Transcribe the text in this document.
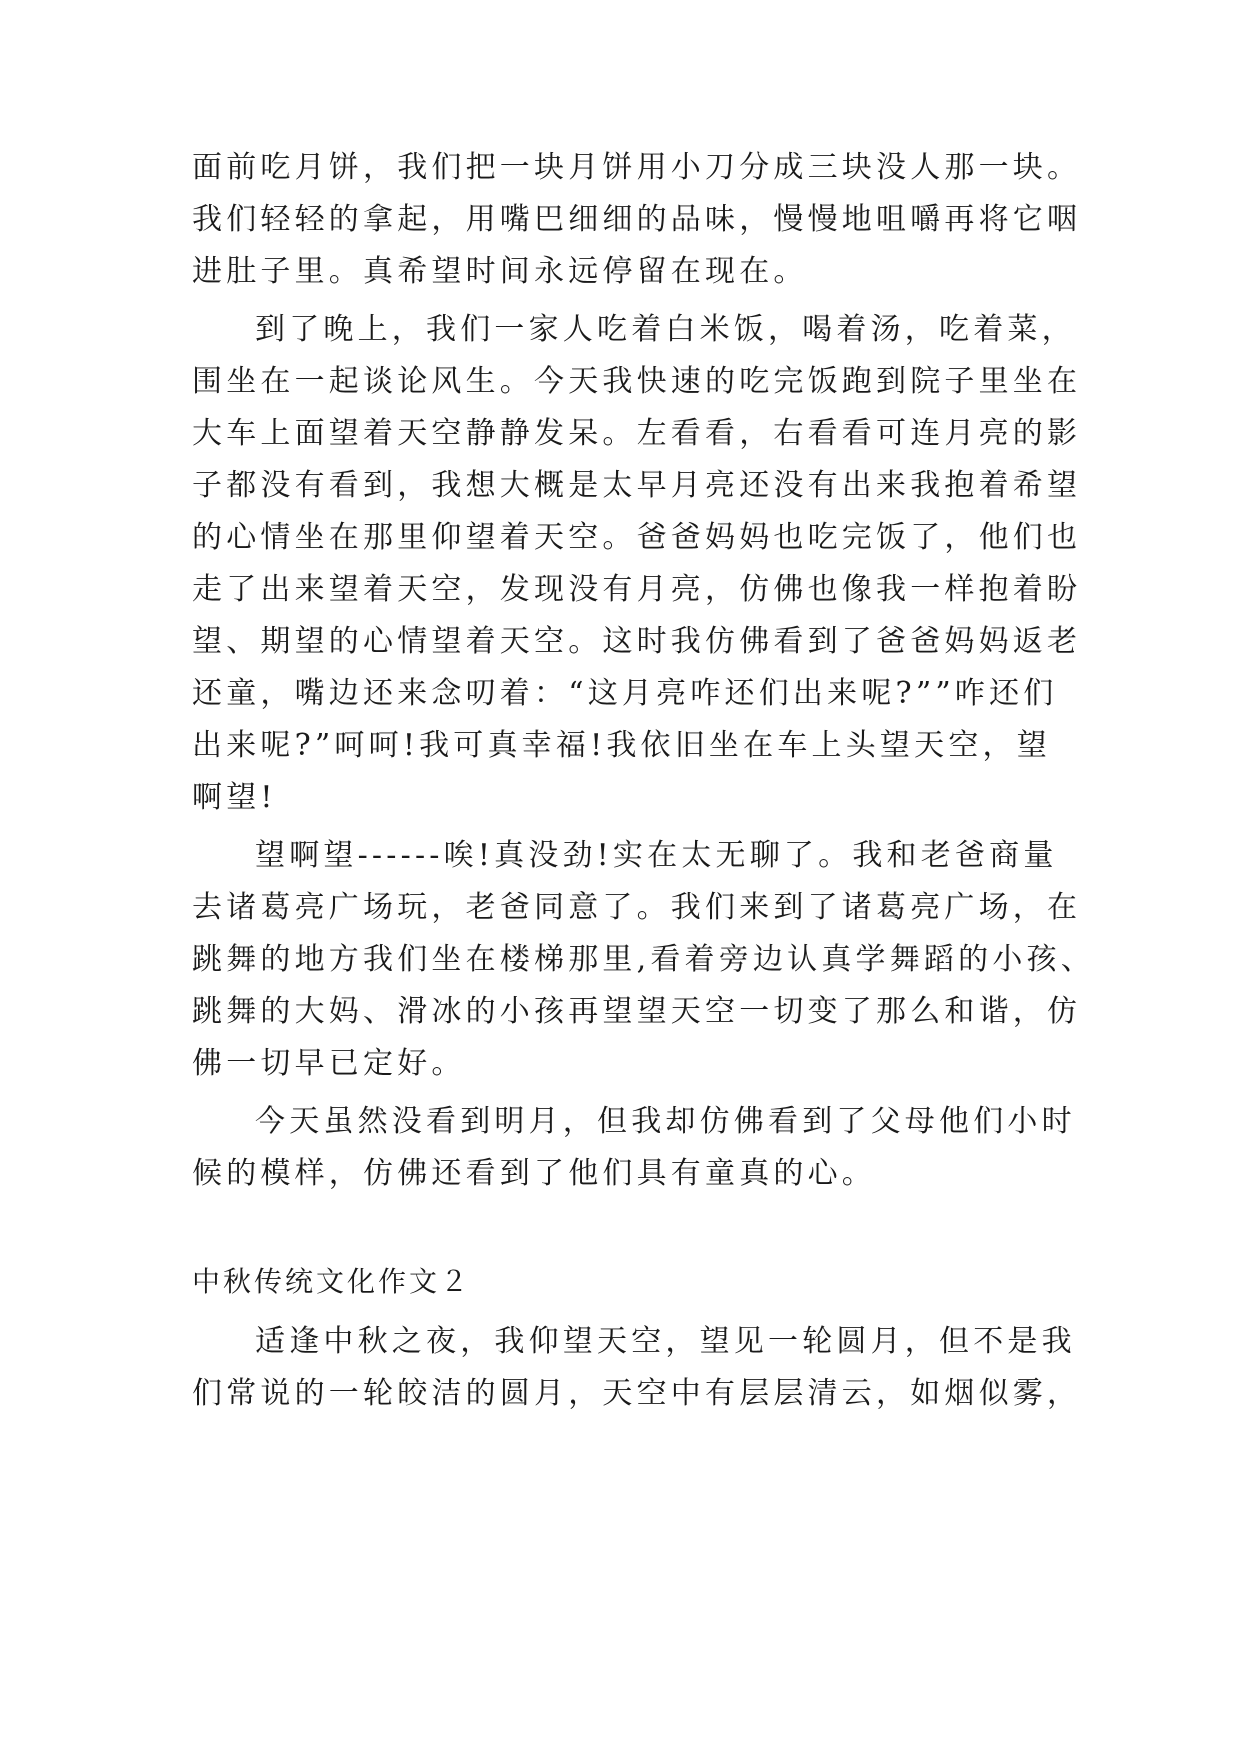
面前吃月饼，我们把一块月饼用小刀分成三块没人那一块。
我们轻轻的拿起，用嘴巴细细的品味，慢慢地咀嚼再将它咽
进肚子里。真希望时间永远停留在现在。
到了晚上，我们一家人吃着白米饭，喝着汤，吃着菜，
围坐在一起谈论风生。今天我快速的吃完饭跑到院子里坐在
大车上面望着天空静静发呆。左看看，右看看可连月亮的影
子都没有看到，我想大概是太早月亮还没有出来我抱着希望
的心情坐在那里仰望着天空。爸爸妈妈也吃完饭了，他们也
走了出来望着天空，发现没有月亮，仿佛也像我一样抱着盼
望、期望的心情望着天空。这时我仿佛看到了爸爸妈妈返老
还童，嘴边还来念叨着：“这月亮咋还们出来呢?””咋还们
出来呢?”呵呵!我可真幸福!我依旧坐在车上头望天空，望
啊望!
望啊望------唉!真没劲!实在太无聊了。我和老爸商量
去诸葛亮广场玩，老爸同意了。我们来到了诸葛亮广场，在
跳舞的地方我们坐在楼梯那里,看着旁边认真学舞蹈的小孩、
跳舞的大妈、滑冰的小孩再望望天空一切变了那么和谐，仿
佛一切早已定好。
今天虽然没看到明月，但我却仿佛看到了父母他们小时
候的模样，仿佛还看到了他们具有童真的心。
中秋传统文化作文２
适逢中秋之夜，我仰望天空，望见一轮圆月，但不是我
们常说的一轮皎洁的圆月，天空中有层层清云，如烟似雾，
